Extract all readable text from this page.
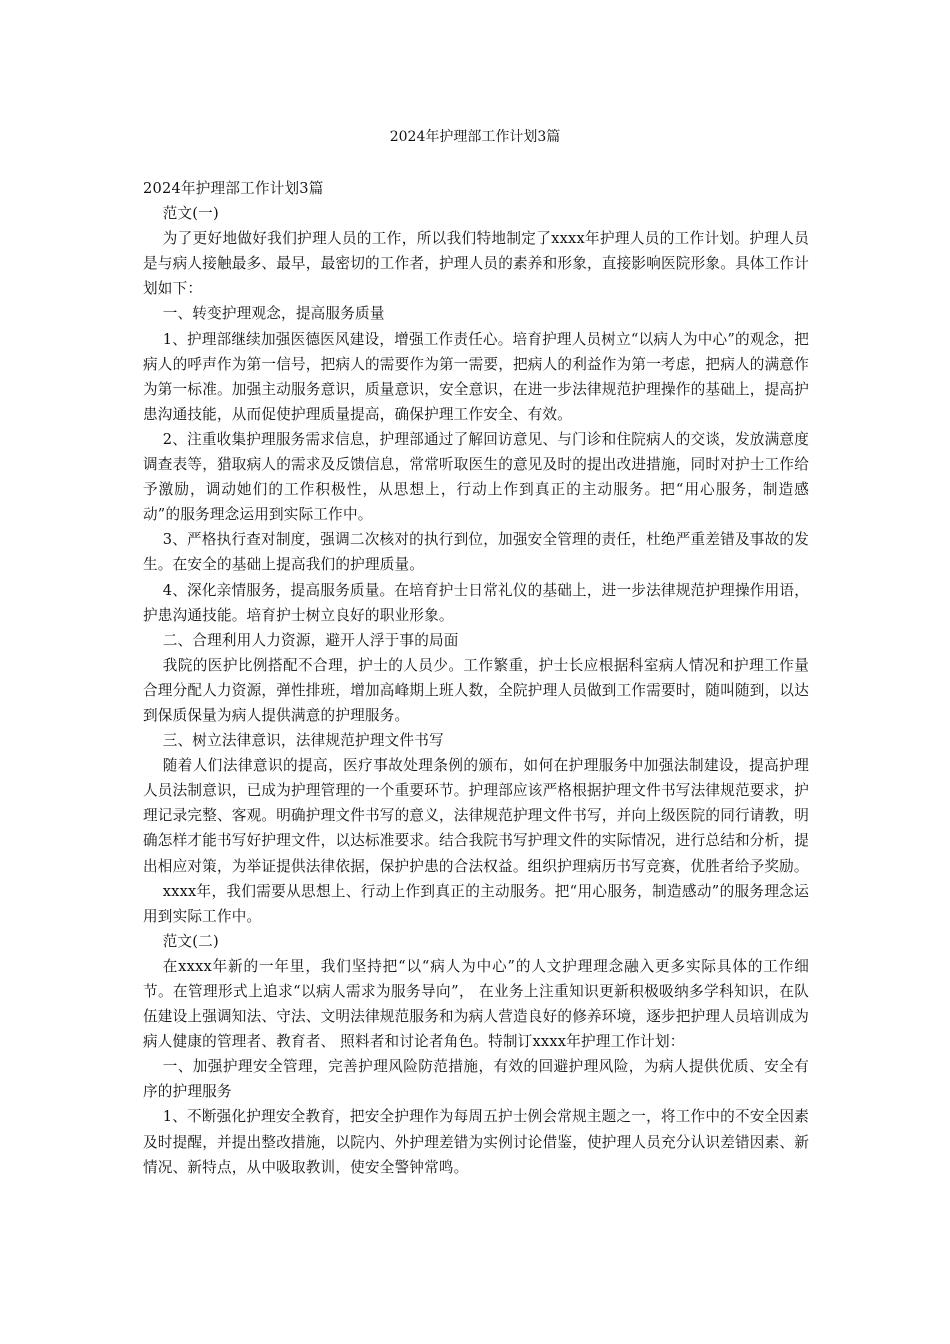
2024年护理部工作计划3篇

2024年护理部工作计划3篇

范文(一)

为了更好地做好我们护理人员的工作，所以我们特地制定了xxxx年护理人员的工作计划。护理人员是与病人接触最多、最早，最密切的工作者，护理人员的素养和形象，直接影响医院形象。具体工作计划如下：

一、转变护理观念，提高服务质量

1、护理部继续加强医德医风建设，增强工作责任心。培育护理人员树立“以病人为中心”的观念，把病人的呼声作为第一信号，把病人的需要作为第一需要，把病人的利益作为第一考虑，把病人的满意作为第一标准。加强主动服务意识，质量意识，安全意识，在进一步法律规范护理操作的基础上，提高护患沟通技能，从而促使护理质量提高，确保护理工作安全、有效。

2、注重收集护理服务需求信息，护理部通过了解回访意见、与门诊和住院病人的交谈，发放满意度调查表等，猎取病人的需求及反馈信息，常常听取医生的意见及时的提出改进措施，同时对护士工作给予激励，调动她们的工作积极性，从思想上，行动上作到真正的主动服务。把“用心服务，制造感动”的服务理念运用到实际工作中。

3、严格执行查对制度，强调二次核对的执行到位，加强安全管理的责任，杜绝严重差错及事故的发生。在安全的基础上提高我们的护理质量。

4、深化亲情服务，提高服务质量。在培育护士日常礼仪的基础上，进一步法律规范护理操作用语，护患沟通技能。培育护士树立良好的职业形象。

二、合理利用人力资源，避开人浮于事的局面

我院的医护比例搭配不合理，护士的人员少。工作繁重，护士长应根据科室病人情况和护理工作量合理分配人力资源，弹性排班，增加高峰期上班人数，全院护理人员做到工作需要时，随叫随到，以达到保质保量为病人提供满意的护理服务。

三、树立法律意识，法律规范护理文件书写

随着人们法律意识的提高，医疗事故处理条例的颁布，如何在护理服务中加强法制建设，提高护理人员法制意识，已成为护理管理的一个重要环节。护理部应该严格根据护理文件书写法律规范要求，护理记录完整、客观。明确护理文件书写的意义，法律规范护理文件书写，并向上级医院的同行请教，明确怎样才能书写好护理文件，以达标准要求。结合我院书写护理文件的实际情况，进行总结和分析，提出相应对策，为举证提供法律依据，保护护患的合法权益。组织护理病历书写竞赛，优胜者给予奖励。

xxxx年，我们需要从思想上、行动上作到真正的主动服务。把“用心服务，制造感动”的服务理念运用到实际工作中。

范文(二)

在xxxx年新的一年里，我们坚持把“以“病人为中心”的人文护理理念融入更多实际具体的工作细节。在管理形式上追求“以病人需求为服务导向”， 在业务上注重知识更新积极吸纳多学科知识，在队伍建设上强调知法、守法、文明法律规范服务和为病人营造良好的修养环境，逐步把护理人员培训成为病人健康的管理者、教育者、 照料者和讨论者角色。特制订xxxx年护理工作计划：

一、加强护理安全管理，完善护理风险防范措施，有效的回避护理风险，为病人提供优质、安全有序的护理服务

1、不断强化护理安全教育，把安全护理作为每周五护士例会常规主题之一，将工作中的不安全因素及时提醒，并提出整改措施，以院内、外护理差错为实例讨论借鉴，使护理人员充分认识差错因素、新情况、新特点，从中吸取教训，使安全警钟常鸣。
